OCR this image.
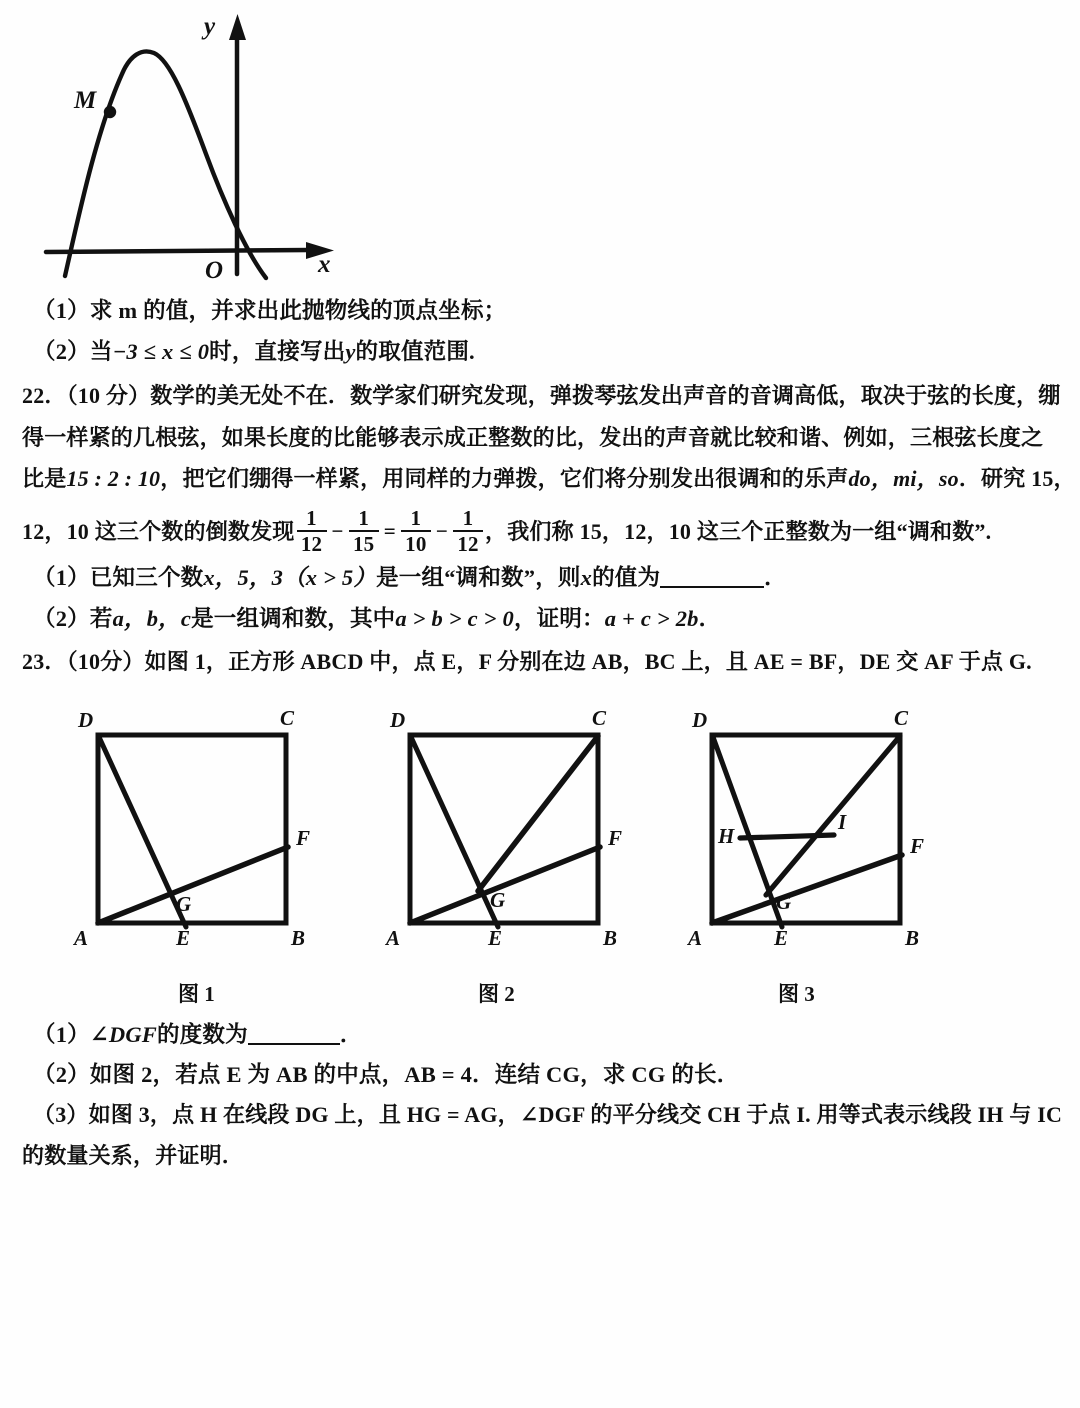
M
O	x
y
（1）求 m 的值，并求出此抛物线的顶点坐标；
（2）当−3 ≤ x ≤ 0时，直接写出y的取值范围.
22．（10 分）数学的美无处不在．数学家们研究发现，弹拨琴弦发出声音的音调高低，取决于弦的长度，绷
得一样紧的几根弦，如果长度的比能够表示成正整数的比，发出的声音就比较和谐、例如，三根弦长度之
比是15 : 2 : 10，把它们绷得一样紧，用同样的力弹拨，它们将分别发出很调和的乐声do，mi，so．研究 15，
12，10 这三个数的倒数发现 $\frac{1}{12} - \frac{1}{15} = \frac{1}{10} - \frac{1}{12}$ ，我们称 15，12，10 这三个正整数为一组“调和数”.
（1）已知三个数x，5，3（x > 5）是一组“调和数”，则x的值为	．
（2）若a，b，c是一组调和数，其中a > b > c > 0，证明：a + c > 2b．
23．（10分）如图 1，正方形 ABCD 中，点 E，F 分别在边 AB，BC 上，且 AE = BF，DE 交 AF 于点 G.
D	C
A	B
E
F
G
D	C
A	B
E
F
G
D	C
A	B
E
F
G
H
I
图 1	图 2	图 3
（1）∠DGF的度数为	．
（2）如图 2，若点 E 为 AB 的中点，AB = 4．连结 CG，求 CG 的长．
（3）如图 3，点 H 在线段 DG 上，且 HG = AG，∠DGF 的平分线交 CH 于点 I. 用等式表示线段 IH 与 IC
的数量关系，并证明．
